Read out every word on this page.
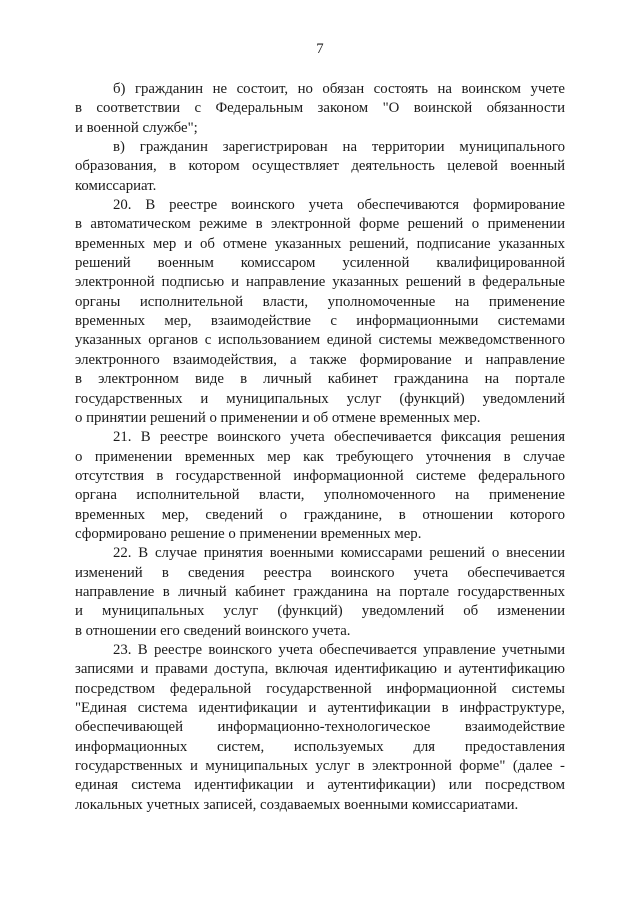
7
б) гражданин не состоит, но обязан состоять на воинском учете
в соответствии с Федеральным законом "О воинской обязанности
и военной службе";
в) гражданин зарегистрирован на территории муниципального
образования, в котором осуществляет деятельность целевой военный
комиссариат.
20. В реестре воинского учета обеспечиваются формирование
в автоматическом режиме в электронной форме решений о применении
временных мер и об отмене указанных решений, подписание указанных
решений военным комиссаром усиленной квалифицированной
электронной подписью и направление указанных решений в федеральные
органы исполнительной власти, уполномоченные на применение
временных мер, взаимодействие с информационными системами
указанных органов с использованием единой системы межведомственного
электронного взаимодействия, а также формирование и направление
в электронном виде в личный кабинет гражданина на портале
государственных и муниципальных услуг (функций) уведомлений
о принятии решений о применении и об отмене временных мер.
21. В реестре воинского учета обеспечивается фиксация решения
о применении временных мер как требующего уточнения в случае
отсутствия в государственной информационной системе федерального
органа исполнительной власти, уполномоченного на применение
временных мер, сведений о гражданине, в отношении которого
сформировано решение о применении временных мер.
22. В случае принятия военными комиссарами решений о внесении
изменений в сведения реестра воинского учета обеспечивается
направление в личный кабинет гражданина на портале государственных
и муниципальных услуг (функций) уведомлений об изменении
в отношении его сведений воинского учета.
23. В реестре воинского учета обеспечивается управление учетными
записями и правами доступа, включая идентификацию и аутентификацию
посредством федеральной государственной информационной системы
"Единая система идентификации и аутентификации в инфраструктуре,
обеспечивающей информационно-технологическое взаимодействие
информационных систем, используемых для предоставления
государственных и муниципальных услуг в электронной форме" (далее -
единая система идентификации и аутентификации) или посредством
локальных учетных записей, создаваемых военными комиссариатами.
